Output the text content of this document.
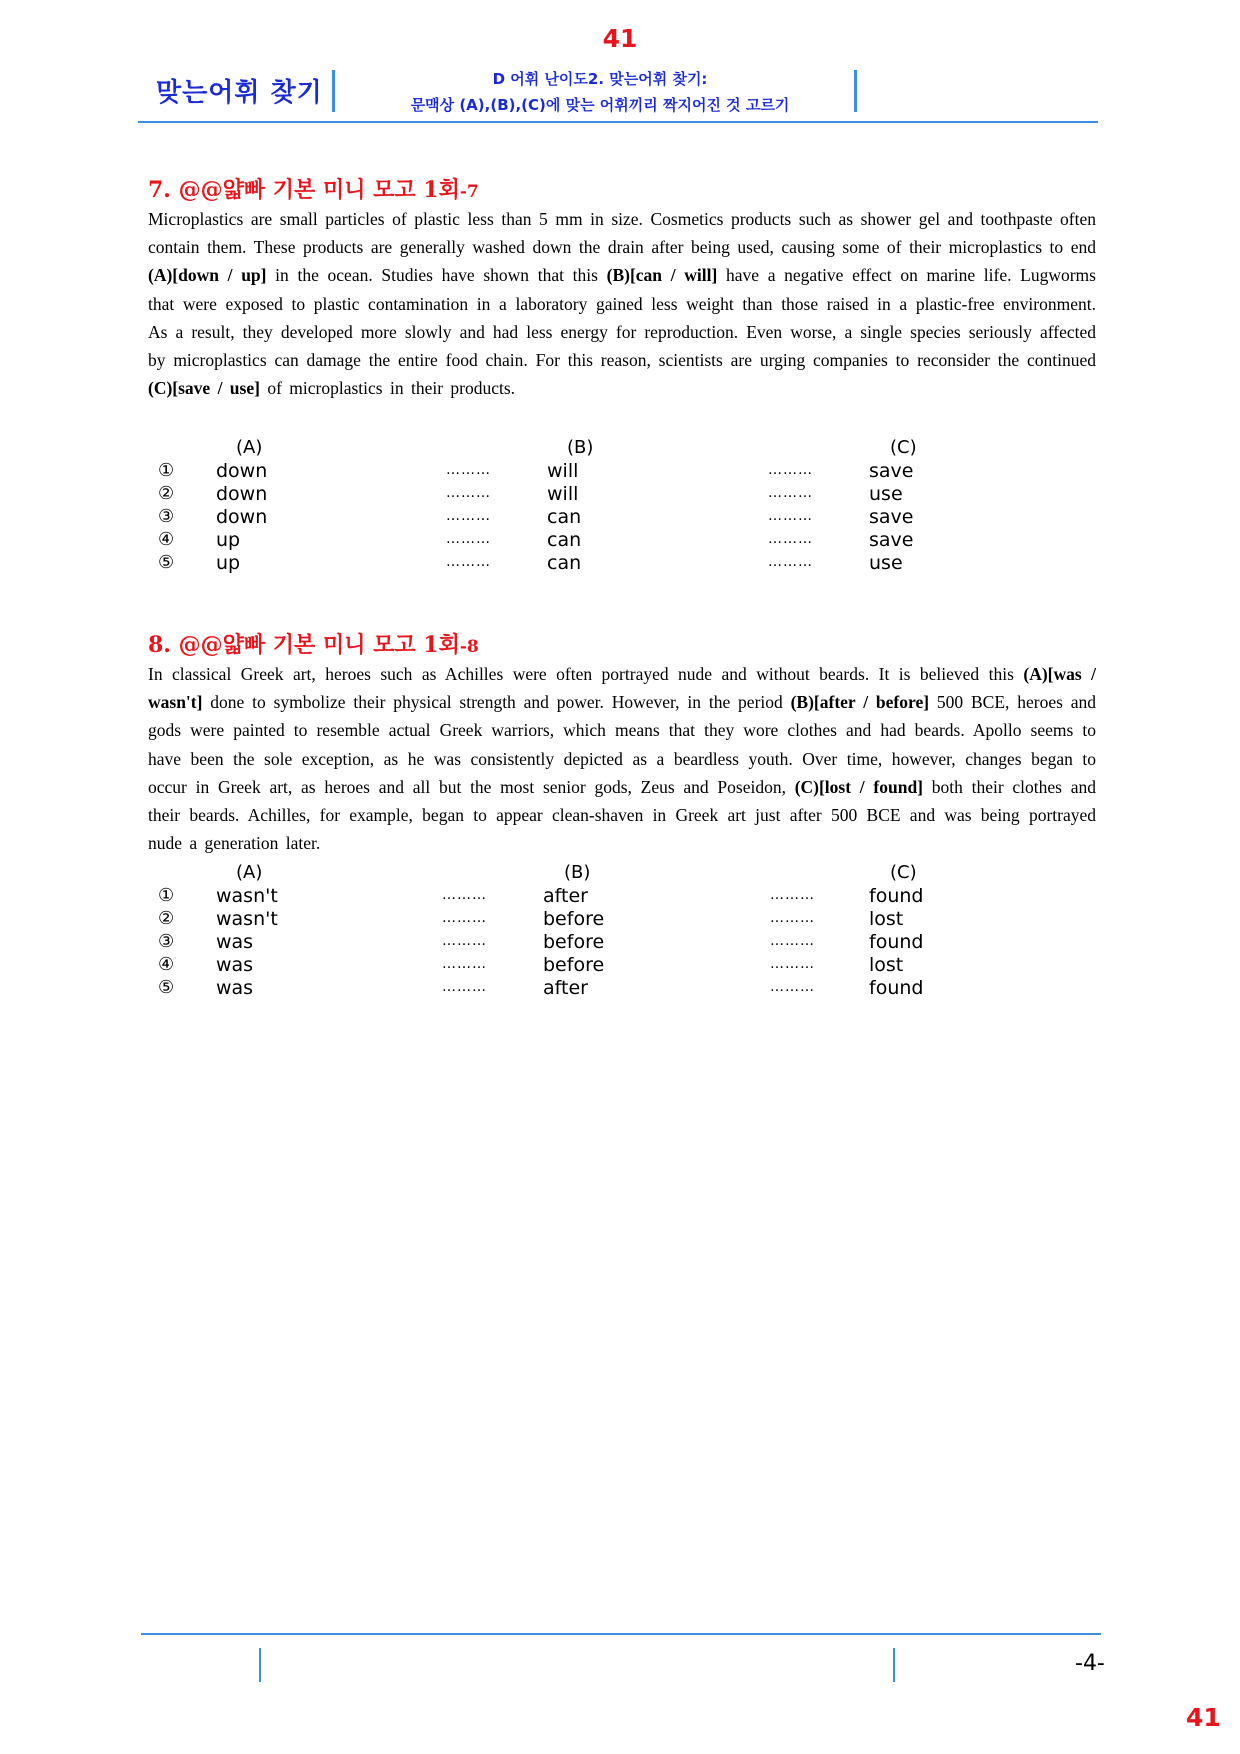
41
맞는어휘 찾기	D 어휘 난이도2. 맞는어휘 찾기:
문맥상 (A),(B),(C)에 맞는 어휘끼리 짝지어진 것 고르기
7. @@얇빠 기본 미니 모고 1회-7
Microplastics are small particles of plastic less than 5 mm in size. Cosmetics products such as shower gel and toothpaste often contain them. These products are generally washed down the drain after being used, causing some of their microplastics to end (A)[down / up] in the ocean. Studies have shown that this (B)[can / will] have a negative effect on marine life. Lugworms that were exposed to plastic contamination in a laboratory gained less weight than those raised in a plastic-free environment. As a result, they developed more slowly and had less energy for reproduction. Even worse, a single species seriously affected by microplastics can damage the entire food chain. For this reason, scientists are urging companies to reconsider the continued (C)[save / use] of microplastics in their products.
(A)	(B)	(C)
① down	………	will	………	save
② down	………	will	………	use
③ down	………	can	………	save
④ up	………	can	………	save
⑤ up	………	can	………	use
8. @@얇빠 기본 미니 모고 1회-8
In classical Greek art, heroes such as Achilles were often portrayed nude and without beards. It is believed this (A)[was / wasn't] done to symbolize their physical strength and power. However, in the period (B)[after / before] 500 BCE, heroes and gods were painted to resemble actual Greek warriors, which means that they wore clothes and had beards. Apollo seems to have been the sole exception, as he was consistently depicted as a beardless youth. Over time, however, changes began to occur in Greek art, as heroes and all but the most senior gods, Zeus and Poseidon, (C)[lost / found] both their clothes and their beards. Achilles, for example, began to appear clean-shaven in Greek art just after 500 BCE and was being portrayed nude a generation later.
(A)	(B)	(C)
① wasn't	………	after	………	found
② wasn't	………	before	………	lost
③ was	………	before	………	found
④ was	………	before	………	lost
⑤ was	………	after	………	found
-4-
41
